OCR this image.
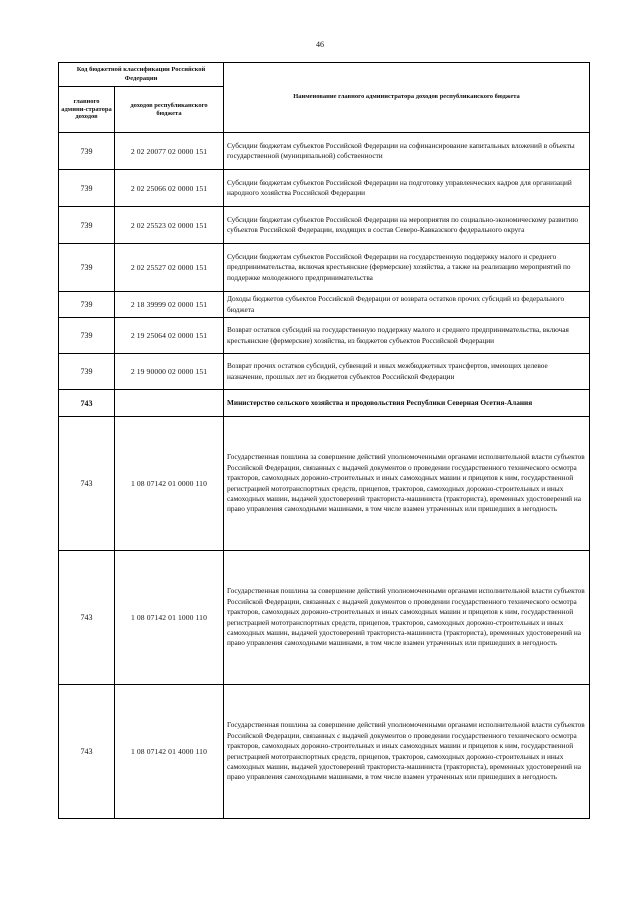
46
Код бюджетной классификации Российской Федерации		Наименование главного администратора доходов республиканского бюджета
главного админи-стратора доходов	доходов республиканского бюджета	
739	2 02 20077 02 0000 151	Субсидии бюджетам субъектов Российской Федерации на софинансирование капитальных вложений в объекты государственной (муниципальной) собственности
739	2 02 25066 02 0000 151	Субсидии бюджетам субъектов Российской Федерации на подготовку управленческих кадров для организаций народного хозяйства Российской Федерации
739	2 02 25523 02 0000 151	Субсидии бюджетам субъектов Российской Федерации на мероприятия по социально-экономическому развитию субъектов Российской Федерации, входящих в состав Северо-Кавказского федерального округа
739	2 02 25527 02 0000 151	Субсидии бюджетам субъектов Российской Федерации на государственную поддержку малого и среднего предпринимательства, включая крестьянские (фермерские) хозяйства, а также на реализацию мероприятий по поддержке молодежного предпринимательства
739	2 18 39999 02 0000 151	Доходы бюджетов субъектов Российской Федерации от возврата остатков прочих субсидий из федерального бюджета
739	2 19 25064 02 0000 151	Возврат остатков субсидий на государственную поддержку малого и среднего предпринимательства, включая крестьянские (фермерские) хозяйства, из бюджетов субъектов Российской Федерации
739	2 19 90000 02 0000 151	Возврат прочих остатков субсидий, субвенций и иных межбюджетных трансфертов, имеющих целевое назначение, прошлых лет из бюджетов субъектов Российской Федерации
743		Министерство сельского хозяйства и продовольствия Республики Северная Осетия-Алания
743	1 08 07142 01 0000 110	Государственная пошлина за совершение действий уполномоченными органами исполнительной власти субъектов Российской Федерации, связанных с выдачей документов о проведении государственного технического осмотра тракторов, самоходных дорожно-строительных и иных самоходных машин и прицепов к ним, государственной регистрацией мототранспортных средств, прицепов, тракторов, самоходных дорожно-строительных и иных самоходных машин, выдачей удостоверений тракториста-машиниста (тракториста), временных удостоверений на право управления самоходными машинами, в том числе взамен утраченных или пришедших в негодность
743	1 08 07142 01 1000 110	Государственная пошлина за совершение действий уполномоченными органами исполнительной власти субъектов Российской Федерации, связанных с выдачей документов о проведении государственного технического осмотра тракторов, самоходных дорожно-строительных и иных самоходных машин и прицепов к ним, государственной регистрацией мототранспортных средств, прицепов, тракторов, самоходных дорожно-строительных и иных самоходных машин, выдачей удостоверений тракториста-машиниста (тракториста), временных удостоверений на право управления самоходными машинами, в том числе взамен утраченных или пришедших в негодность
743	1 08 07142 01 4000 110	Государственная пошлина за совершение действий уполномоченными органами исполнительной власти субъектов Российской Федерации, связанных с выдачей документов о проведении государственного технического осмотра тракторов, самоходных дорожно-строительных и иных самоходных машин и прицепов к ним, государственной регистрацией мототранспортных средств, прицепов, тракторов, самоходных дорожно-строительных и иных самоходных машин, выдачей удостоверений тракториста-машиниста (тракториста), временных удостоверений на право управления самоходными машинами, в том числе взамен утраченных или пришедших в негодность
